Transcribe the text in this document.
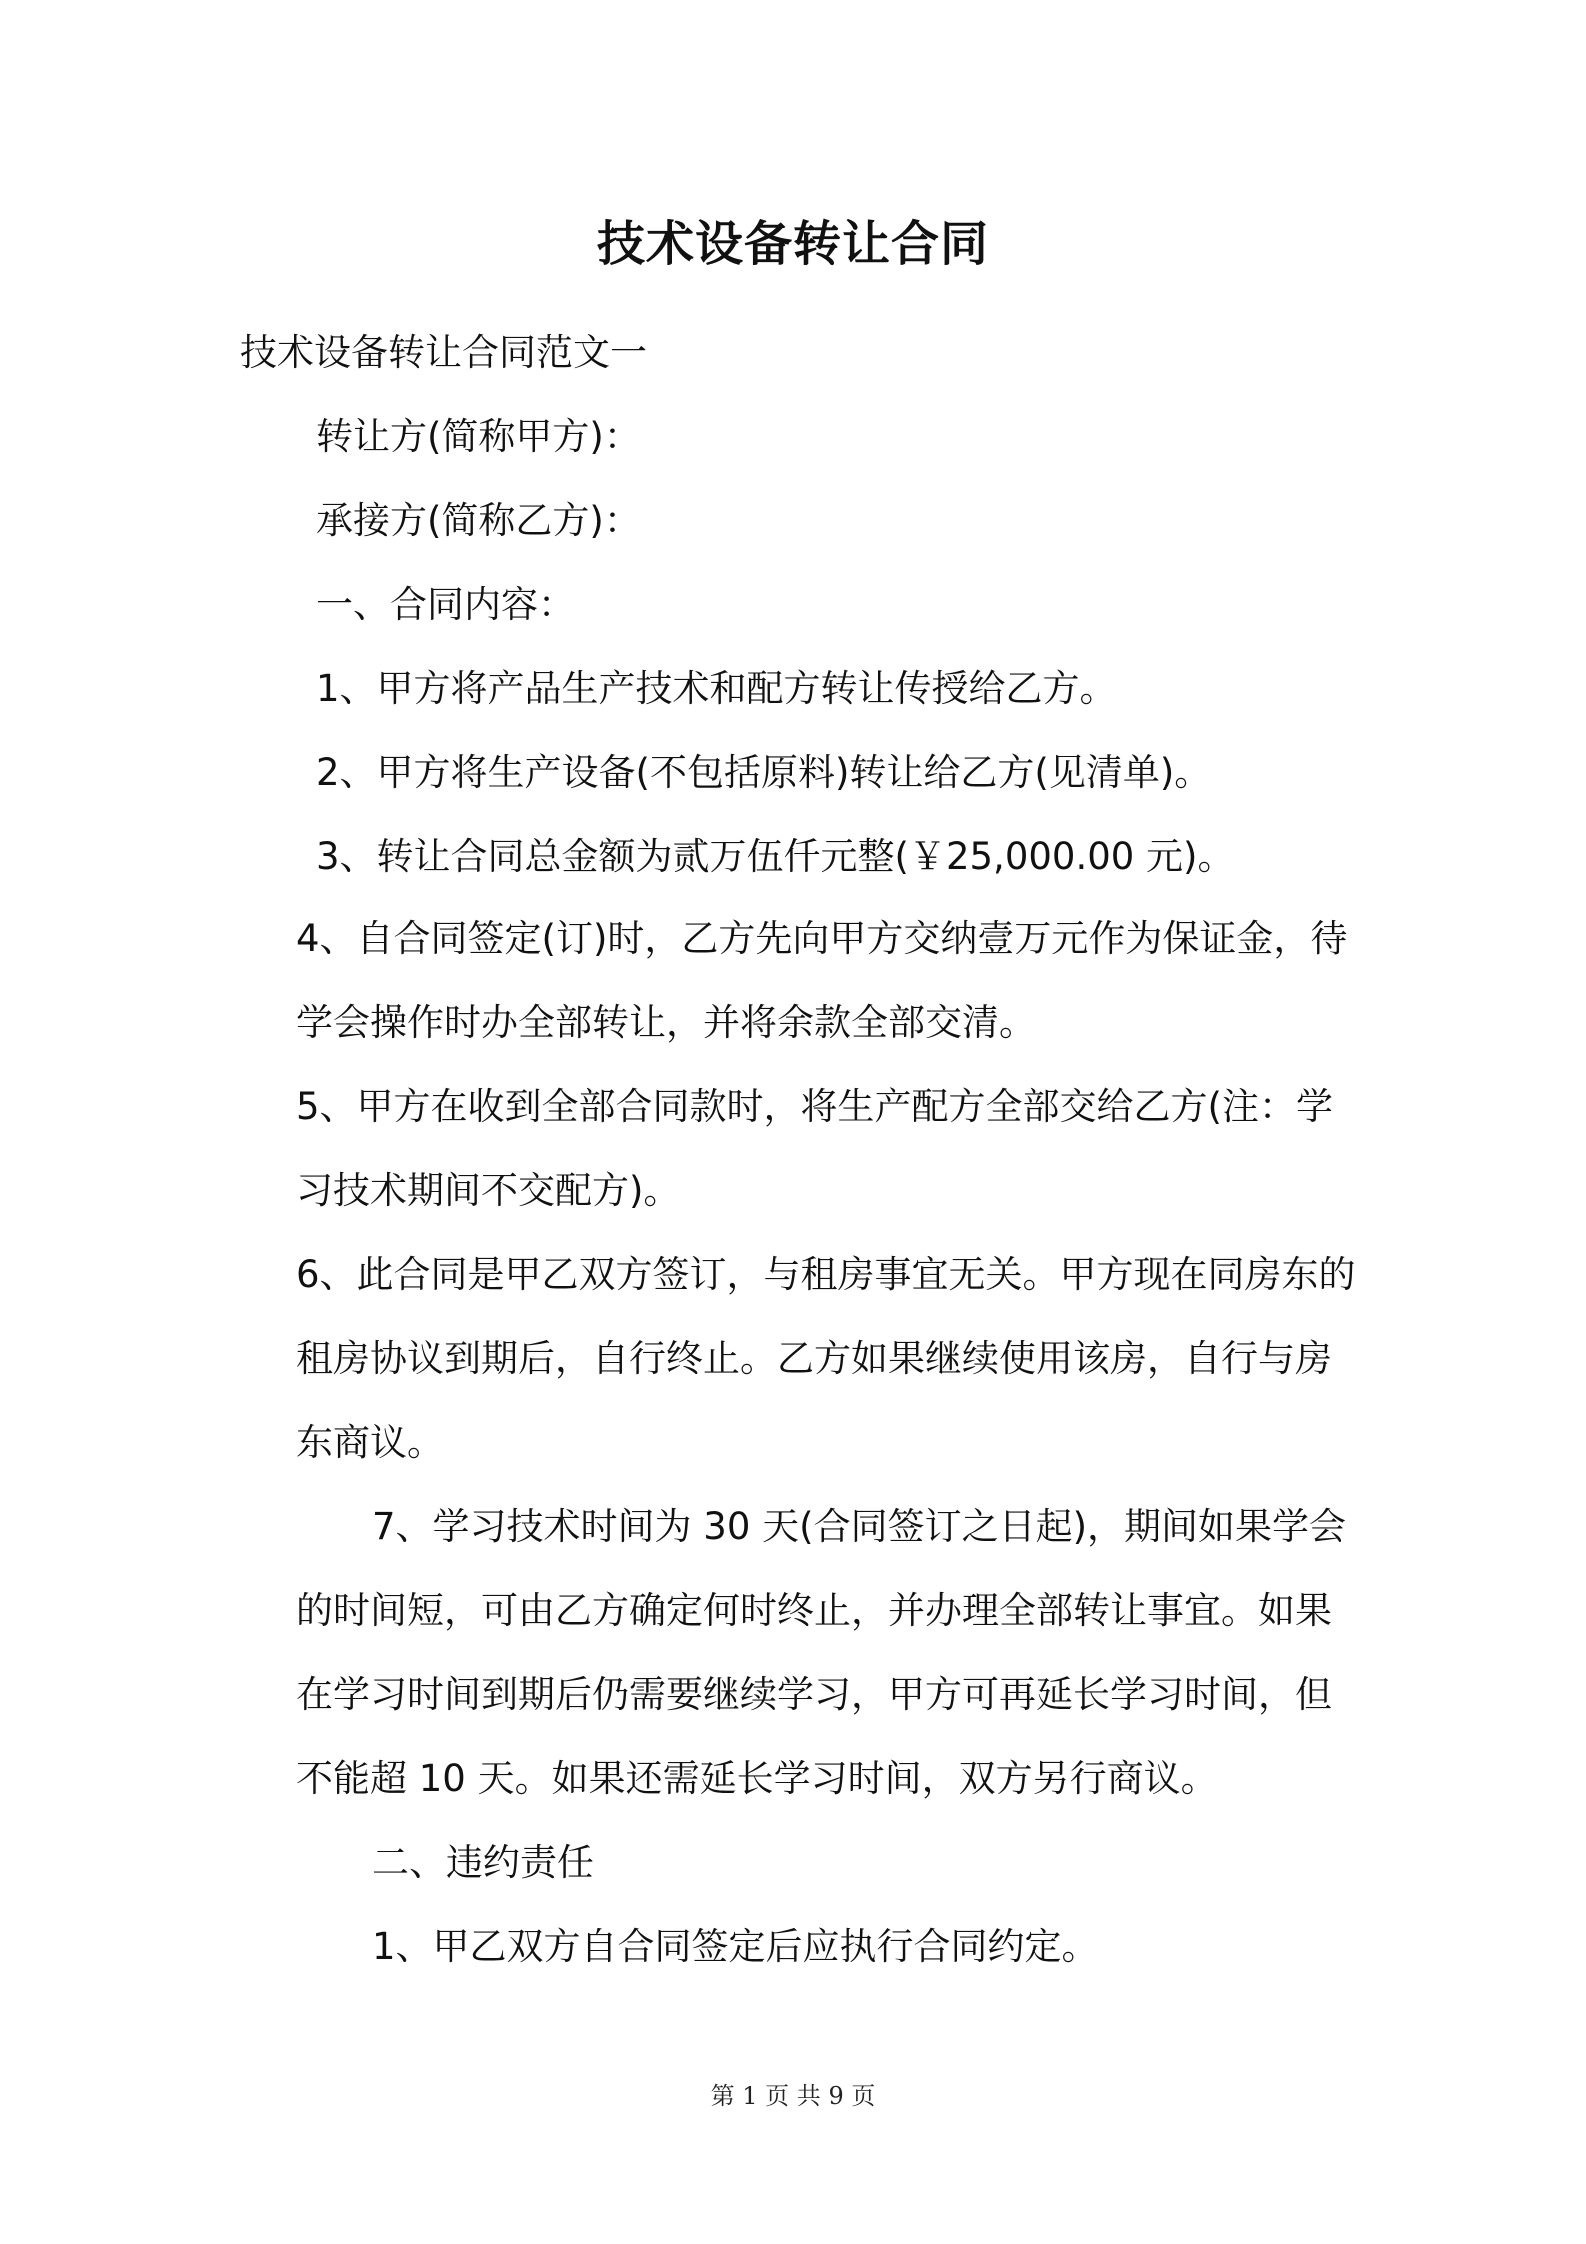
技术设备转让合同
技术设备转让合同范文一
转让方(简称甲方)：
承接方(简称乙方)：
一、合同内容：
1、甲方将产品生产技术和配方转让传授给乙方。
2、甲方将生产设备(不包括原料)转让给乙方(见清单)。
3、转让合同总金额为贰万伍仟元整(￥25,000.00 元)。
4、自合同签定(订)时，乙方先向甲方交纳壹万元作为保证金，待
学会操作时办全部转让，并将余款全部交清。
5、甲方在收到全部合同款时，将生产配方全部交给乙方(注：学
习技术期间不交配方)。
6、此合同是甲乙双方签订，与租房事宜无关。甲方现在同房东的
租房协议到期后，自行终止。乙方如果继续使用该房，自行与房
东商议。
7、学习技术时间为 30 天(合同签订之日起)，期间如果学会
的时间短，可由乙方确定何时终止，并办理全部转让事宜。如果
在学习时间到期后仍需要继续学习，甲方可再延长学习时间，但
不能超 10 天。如果还需延长学习时间，双方另行商议。
二、违约责任
1、甲乙双方自合同签定后应执行合同约定。
第 1 页 共 9 页
